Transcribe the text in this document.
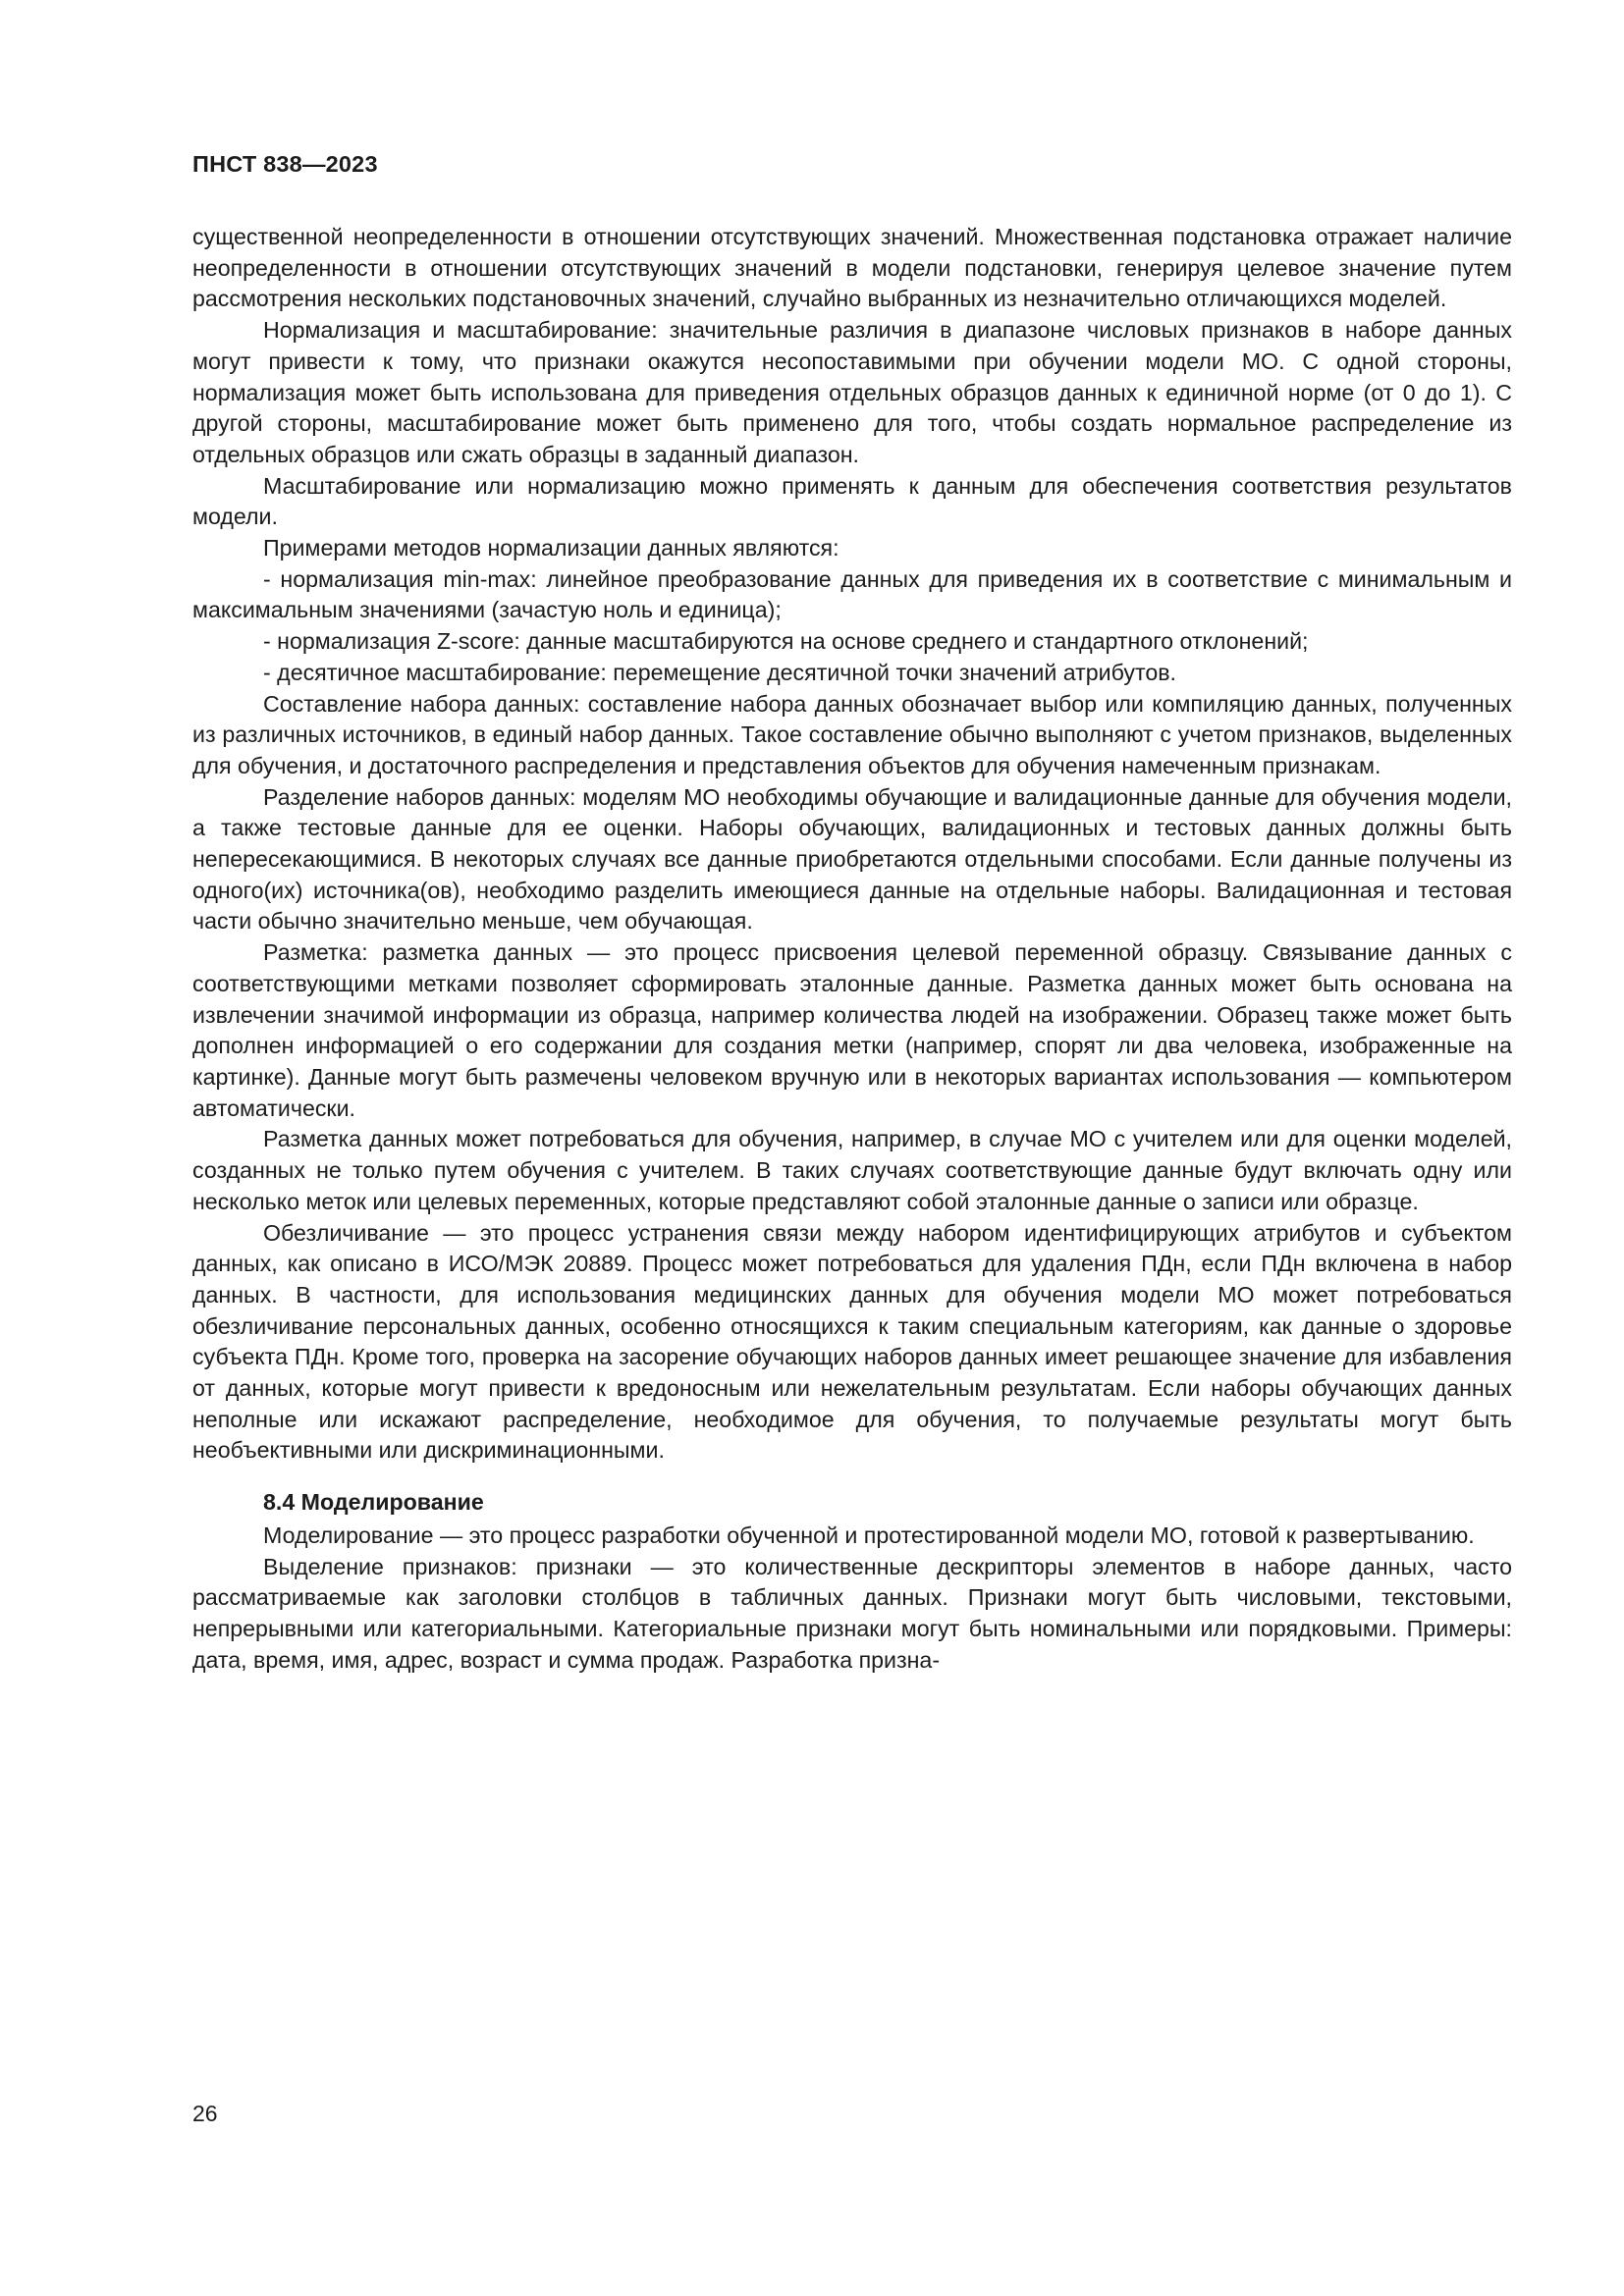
ПНСТ 838—2023

существенной неопределенности в отношении отсутствующих значений. Множественная подстановка отражает наличие неопределенности в отношении отсутствующих значений в модели подстановки, генерируя целевое значение путем рассмотрения нескольких подстановочных значений, случайно выбранных из незначительно отличающихся моделей.

Нормализация и масштабирование: значительные различия в диапазоне числовых признаков в наборе данных могут привести к тому, что признаки окажутся несопоставимыми при обучении модели МО. С одной стороны, нормализация может быть использована для приведения отдельных образцов данных к единичной норме (от 0 до 1). С другой стороны, масштабирование может быть применено для того, чтобы создать нормальное распределение из отдельных образцов или сжать образцы в заданный диапазон.

Масштабирование или нормализацию можно применять к данным для обеспечения соответствия результатов модели.

Примерами методов нормализации данных являются:

- нормализация min-max: линейное преобразование данных для приведения их в соответствие с минимальным и максимальным значениями (зачастую ноль и единица);

- нормализация Z-score: данные масштабируются на основе среднего и стандартного отклонений;

- десятичное масштабирование: перемещение десятичной точки значений атрибутов.

Составление набора данных: составление набора данных обозначает выбор или компиляцию данных, полученных из различных источников, в единый набор данных. Такое составление обычно выполняют с учетом признаков, выделенных для обучения, и достаточного распределения и представления объектов для обучения намеченным признакам.

Разделение наборов данных: моделям МО необходимы обучающие и валидационные данные для обучения модели, а также тестовые данные для ее оценки. Наборы обучающих, валидационных и тестовых данных должны быть непересекающимися. В некоторых случаях все данные приобретаются отдельными способами. Если данные получены из одного(их) источника(ов), необходимо разделить имеющиеся данные на отдельные наборы. Валидационная и тестовая части обычно значительно меньше, чем обучающая.

Разметка: разметка данных — это процесс присвоения целевой переменной образцу. Связывание данных с соответствующими метками позволяет сформировать эталонные данные. Разметка данных может быть основана на извлечении значимой информации из образца, например количества людей на изображении. Образец также может быть дополнен информацией о его содержании для создания метки (например, спорят ли два человека, изображенные на картинке). Данные могут быть размечены человеком вручную или в некоторых вариантах использования — компьютером автоматически.

Разметка данных может потребоваться для обучения, например, в случае МО с учителем или для оценки моделей, созданных не только путем обучения с учителем. В таких случаях соответствующие данные будут включать одну или несколько меток или целевых переменных, которые представляют собой эталонные данные о записи или образце.

Обезличивание — это процесс устранения связи между набором идентифицирующих атрибутов и субъектом данных, как описано в ИСО/МЭК 20889. Процесс может потребоваться для удаления ПДн, если ПДн включена в набор данных. В частности, для использования медицинских данных для обучения модели МО может потребоваться обезличивание персональных данных, особенно относящихся к таким специальным категориям, как данные о здоровье субъекта ПДн. Кроме того, проверка на засорение обучающих наборов данных имеет решающее значение для избавления от данных, которые могут привести к вредоносным или нежелательным результатам. Если наборы обучающих данных неполные или искажают распределение, необходимое для обучения, то получаемые результаты могут быть необъективными или дискриминационными.

8.4 Моделирование

Моделирование — это процесс разработки обученной и протестированной модели МО, готовой к развертыванию.

Выделение признаков: признаки — это количественные дескрипторы элементов в наборе данных, часто рассматриваемые как заголовки столбцов в табличных данных. Признаки могут быть числовыми, текстовыми, непрерывными или категориальными. Категориальные признаки могут быть номинальными или порядковыми. Примеры: дата, время, имя, адрес, возраст и сумма продаж. Разработка призна-

26
